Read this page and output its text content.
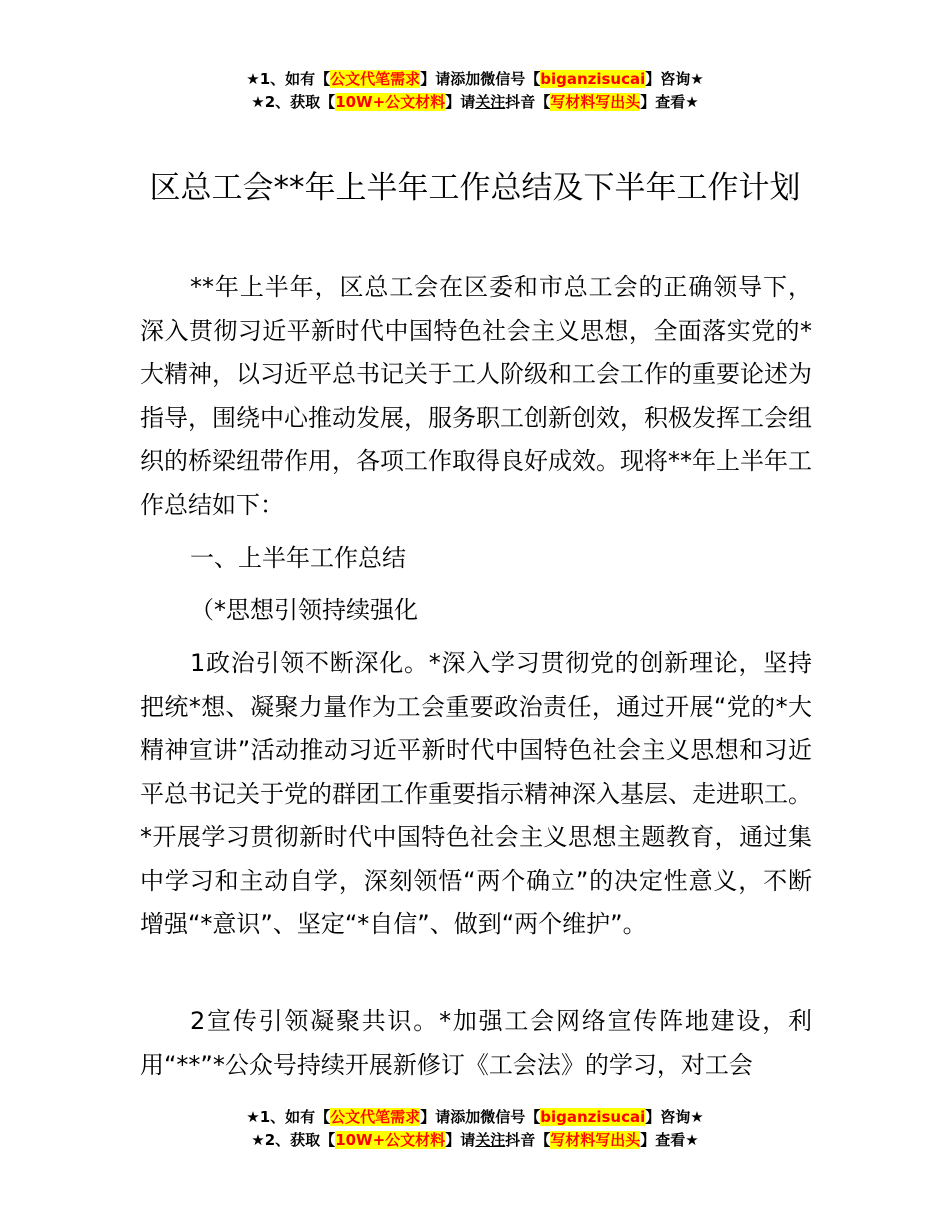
★1、如有【公文代笔需求】请添加微信号【biganzisucai】咨询★
★2、获取【10W+公文材料】请关注抖音【写材料写出头】查看★
区总工会**年上半年工作总结及下半年工作计划

**年上半年，区总工会在区委和市总工会的正确领导下，深入贯彻习近平新时代中国特色社会主义思想，全面落实党的*大精神，以习近平总书记关于工人阶级和工会工作的重要论述为指导，围绕中心推动发展，服务职工创新创效，积极发挥工会组织的桥梁纽带作用，各项工作取得良好成效。现将**年上半年工作总结如下：

一、上半年工作总结

（*思想引领持续强化

1政治引领不断深化。*深入学习贯彻党的创新理论，坚持把统*想、凝聚力量作为工会重要政治责任，通过开展“党的*大精神宣讲”活动推动习近平新时代中国特色社会主义思想和习近平总书记关于党的群团工作重要指示精神深入基层、走进职工。*开展学习贯彻新时代中国特色社会主义思想主题教育，通过集中学习和主动自学，深刻领悟“两个确立”的决定性意义，不断增强“*意识”、坚定“*自信”、做到“两个维护”。

2宣传引领凝聚共识。*加强工会网络宣传阵地建设，利用“**”*公众号持续开展新修订《工会法》的学习，对工会

★1、如有【公文代笔需求】请添加微信号【biganzisucai】咨询★
★2、获取【10W+公文材料】请关注抖音【写材料写出头】查看★
